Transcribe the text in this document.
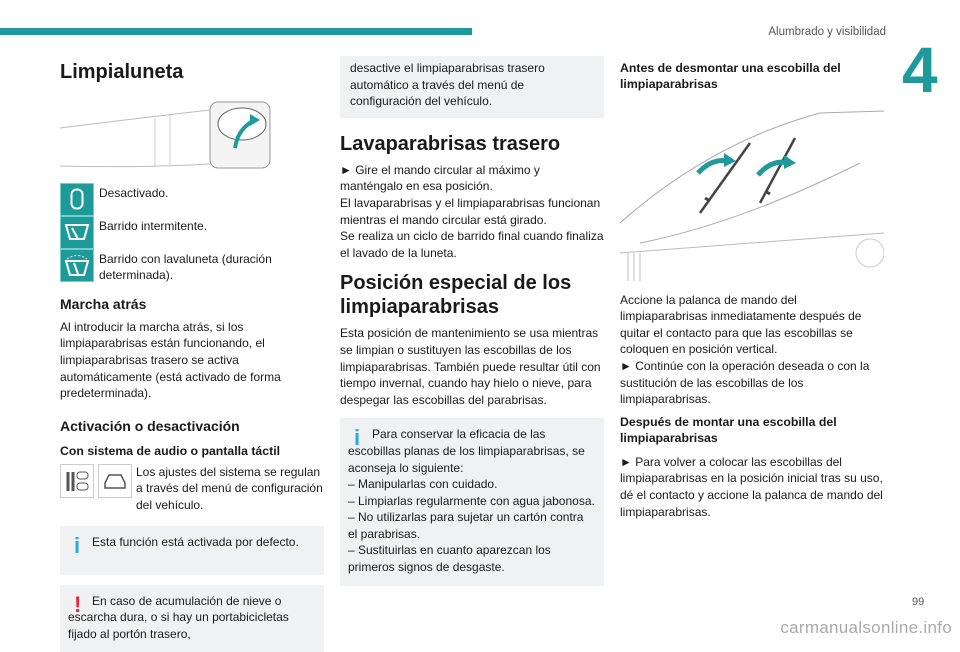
Alumbrado y visibilidad
4
Limpialuneta
Desactivado.
Barrido intermitente.
Barrido con lavaluneta (duración determinada).
Marcha atrás

Al introducir la marcha atrás, si los limpiaparabrisas están funcionando, el limpiaparabrisas trasero se activa automáticamente (está activado de forma predeterminada).

Activación o desactivación
Con sistema de audio o pantalla táctil

Los ajustes del sistema se regulan a través del menú de configuración del vehículo.

i Esta función está activada por defecto.

! En caso de acumulación de nieve o escarcha dura, o si hay un portabicicletas fijado al portón trasero,

desactive el limpiaparabrisas trasero automático a través del menú de configuración del vehículo.

Lavaparabrisas trasero

► Gire el mando circular al máximo y manténgalo en esa posición.

El lavaparabrisas y el limpiaparabrisas funcionan mientras el mando circular está girado.

Se realiza un ciclo de barrido final cuando finaliza el lavado de la luneta.

Posición especial de los limpiaparabrisas

Esta posición de mantenimiento se usa mientras se limpian o sustituyen las escobillas de los limpiaparabrisas. También puede resultar útil con tiempo invernal, cuando hay hielo o nieve, para despegar las escobillas del parabrisas.

i Para conservar la eficacia de las escobillas planas de los limpiaparabrisas, se aconseja lo siguiente:

– Manipularlas con cuidado.

– Limpiarlas regularmente con agua jabonosa.

– No utilizarlas para sujetar un cartón contra el parabrisas.

– Sustituirlas en cuanto aparezcan los primeros signos de desgaste.

Antes de desmontar una escobilla del limpiaparabrisas

Accione la palanca de mando del limpiaparabrisas inmediatamente después de quitar el contacto para que las escobillas se coloquen en posición vertical.

► Continúe con la operación deseada o con la sustitución de las escobillas de los limpiaparabrisas.

Después de montar una escobilla del limpiaparabrisas

► Para volver a colocar las escobillas del limpiaparabrisas en la posición inicial tras su uso, dé el contacto y accione la palanca de mando del limpiaparabrisas.

99
carmanualsonline.info
